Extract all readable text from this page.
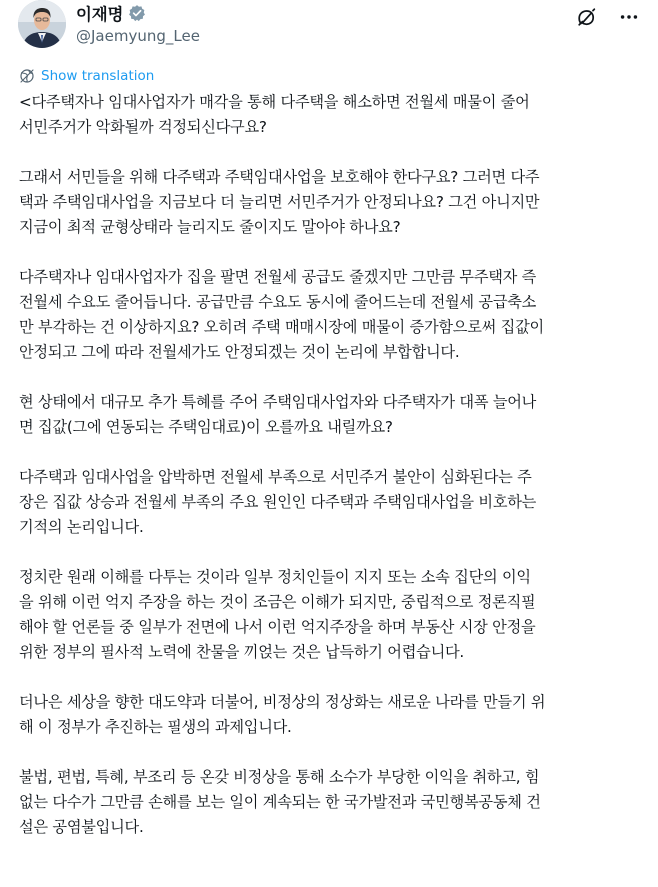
이재명
@Jaemyung_Lee
Show translation

<다주택자나 임대사업자가 매각을 통해 다주택을 해소하면 전월세 매물이 줄어
서민주거가 악화될까 걱정되신다구요?

그래서 서민들을 위해 다주택과 주택임대사업을 보호해야 한다구요? 그러면 다주
택과 주택임대사업을 지금보다 더 늘리면 서민주거가 안정되나요? 그건 아니지만
지금이 최적 균형상태라 늘리지도 줄이지도 말아야 하나요?

다주택자나 임대사업자가 집을 팔면 전월세 공급도 줄겠지만 그만큼 무주택자 즉
전월세 수요도 줄어듭니다. 공급만큼 수요도 동시에 줄어드는데 전월세 공급축소
만 부각하는 건 이상하지요? 오히려 주택 매매시장에 매물이 증가함으로써 집값이
안정되고 그에 따라 전월세가도 안정되겠는 것이 논리에 부합합니다.

현 상태에서 대규모 추가 특혜를 주어 주택임대사업자와 다주택자가 대폭 늘어나
면 집값(그에 연동되는 주택임대료)이 오를까요 내릴까요?

다주택과 임대사업을 압박하면 전월세 부족으로 서민주거 불안이 심화된다는 주
장은 집값 상승과 전월세 부족의 주요 원인인 다주택과 주택임대사업을 비호하는
기적의 논리입니다.

정치란 원래 이해를 다투는 것이라 일부 정치인들이 지지 또는 소속 집단의 이익
을 위해 이런 억지 주장을 하는 것이 조금은 이해가 되지만, 중립적으로 정론직필
해야 할 언론들 중 일부가 전면에 나서 이런 억지주장을 하며 부동산 시장 안정을
위한 정부의 필사적 노력에 찬물을 끼얹는 것은 납득하기 어렵습니다.

더나은 세상을 향한 대도약과 더불어, 비정상의 정상화는 새로운 나라를 만들기 위
해 이 정부가 추진하는 필생의 과제입니다.

불법, 편법, 특혜, 부조리 등 온갖 비정상을 통해 소수가 부당한 이익을 취하고, 힘
없는 다수가 그만큼 손해를 보는 일이 계속되는 한 국가발전과 국민행복공동체 건
설은 공염불입니다.
